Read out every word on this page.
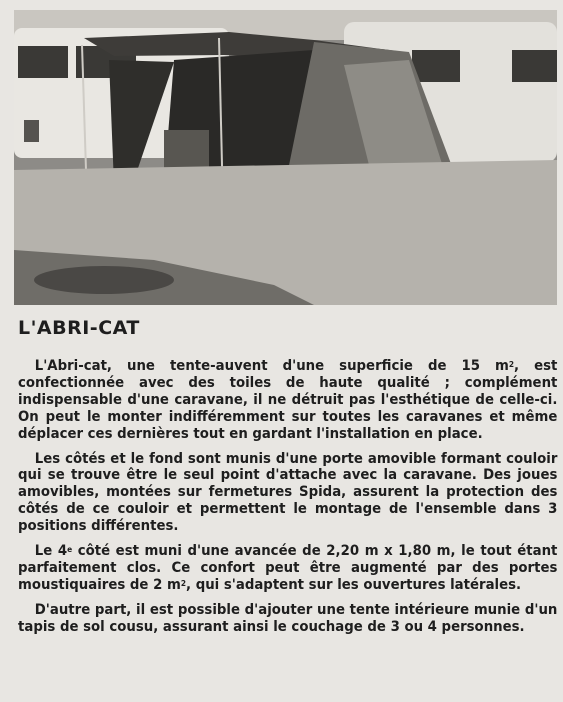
L'ABRI-CAT

L'Abri-cat, une tente-auvent d'une superficie de 15 $m^2$, est confectionnée avec des toiles de haute qualité ; complément indispensable d'une caravane, il ne détruit pas l'esthétique de celle-ci. On peut le monter indifféremment sur toutes les caravanes et même déplacer ces dernières tout en gardant l'installation en place.

Les côtés et le fond sont munis d'une porte amovible formant couloir qui se trouve être le seul point d'attache avec la caravane. Des joues amovibles, montées sur fermetures Spida, assurent la protection des côtés de ce couloir et permettent le montage de l'ensemble dans 3 positions différentes.

Le 4e côté est muni d'une avancée de 2,20 m x 1,80 m, le tout étant parfaitement clos. Ce confort peut être augmenté par des portes moustiquaires de 2 $m^2$, qui s'adaptent sur les ouvertures latérales.

D'autre part, il est possible d'ajouter une tente intérieure munie d'un tapis de sol cousu, assurant ainsi le couchage de 3 ou 4 personnes.
